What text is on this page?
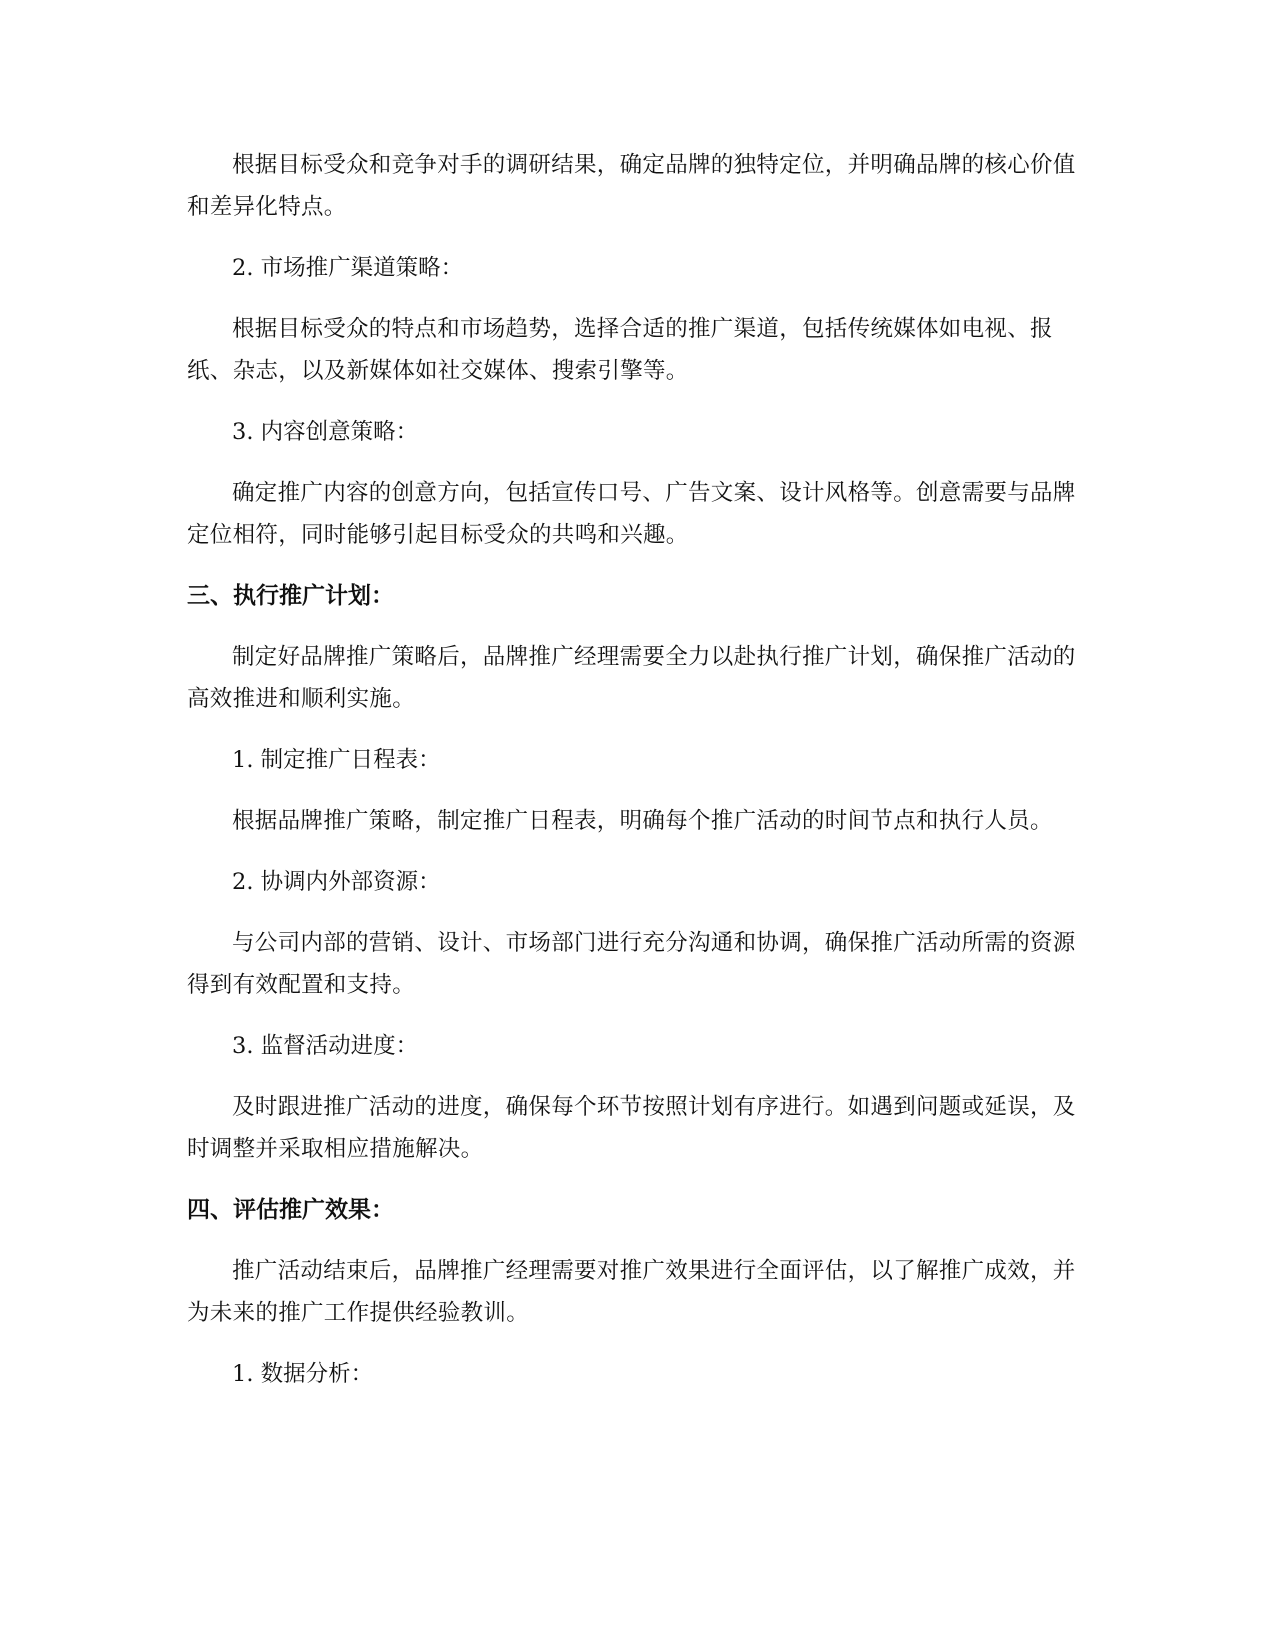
根据目标受众和竞争对手的调研结果，确定品牌的独特定位，并明确品牌的核心价值和差异化特点。

2. 市场推广渠道策略：

根据目标受众的特点和市场趋势，选择合适的推广渠道，包括传统媒体如电视、报纸、杂志，以及新媒体如社交媒体、搜索引擎等。

3. 内容创意策略：

确定推广内容的创意方向，包括宣传口号、广告文案、设计风格等。创意需要与品牌定位相符，同时能够引起目标受众的共鸣和兴趣。

三、执行推广计划：

制定好品牌推广策略后，品牌推广经理需要全力以赴执行推广计划，确保推广活动的高效推进和顺利实施。

1. 制定推广日程表：

根据品牌推广策略，制定推广日程表，明确每个推广活动的时间节点和执行人员。

2. 协调内外部资源：

与公司内部的营销、设计、市场部门进行充分沟通和协调，确保推广活动所需的资源得到有效配置和支持。

3. 监督活动进度：

及时跟进推广活动的进度，确保每个环节按照计划有序进行。如遇到问题或延误，及时调整并采取相应措施解决。

四、评估推广效果：

推广活动结束后，品牌推广经理需要对推广效果进行全面评估，以了解推广成效，并为未来的推广工作提供经验教训。

1. 数据分析：
